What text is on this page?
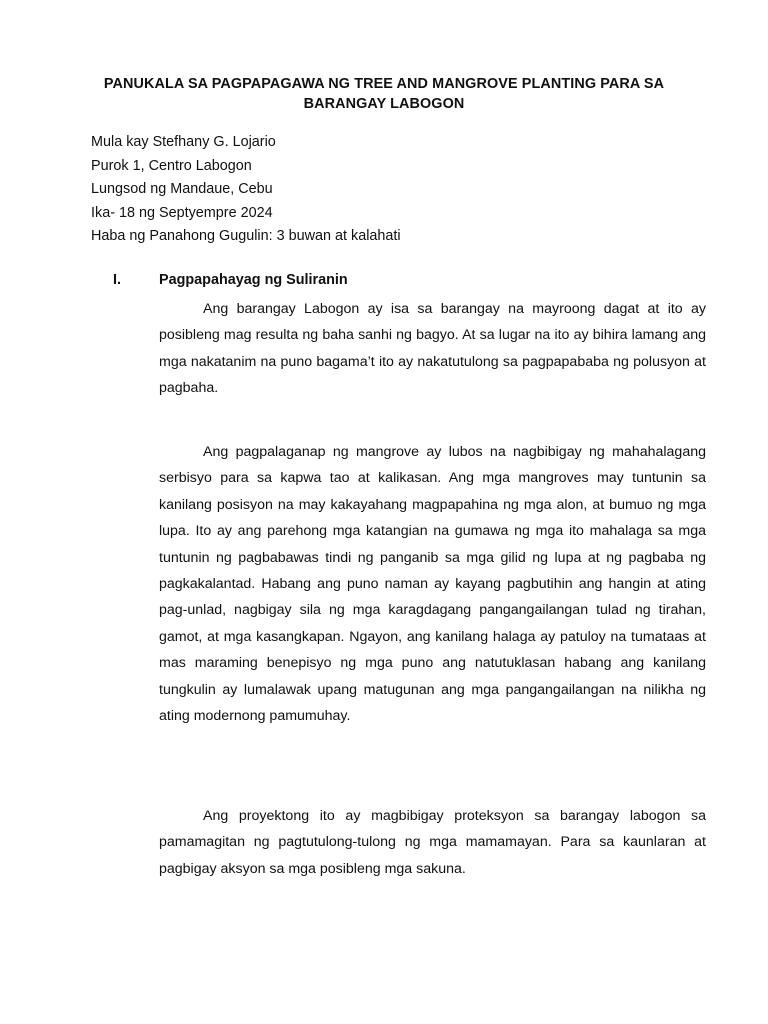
PANUKALA SA PAGPAPAGAWA NG TREE AND MANGROVE PLANTING PARA SA
BARANGAY LABOGON
Mula kay Stefhany G. Lojario
Purok 1, Centro Labogon
Lungsod ng Mandaue, Cebu
Ika- 18 ng Septyempre 2024
Haba ng Panahong Gugulin: 3 buwan at kalahati
I.	Pagpapahayag ng Suliranin

Ang barangay Labogon ay isa sa barangay na mayroong dagat at ito ay posibleng mag resulta ng baha sanhi ng bagyo. At sa lugar na ito ay bihira lamang ang mga nakatanim na puno bagama’t ito ay nakatutulong sa pagpapababa ng polusyon at pagbaha.

Ang pagpalaganap ng mangrove ay lubos na nagbibigay ng mahahalagang serbisyo para sa kapwa tao at kalikasan. Ang mga mangroves may tuntunin sa kanilang posisyon na may kakayahang magpapahina ng mga alon, at bumuo ng mga lupa. Ito ay ang parehong mga katangian na gumawa ng mga ito mahalaga sa mga tuntunin ng pagbabawas tindi ng panganib sa mga gilid ng lupa at ng pagbaba ng pagkakalantad. Habang ang puno naman ay kayang pagbutihin ang hangin at ating pag-unlad, nagbigay sila ng mga karagdagang pangangailangan tulad ng tirahan, gamot, at mga kasangkapan. Ngayon, ang kanilang halaga ay patuloy na tumataas at mas maraming benepisyo ng mga puno ang natutuklasan habang ang kanilang tungkulin ay lumalawak upang matugunan ang mga pangangailangan na nilikha ng ating modernong pamumuhay.

Ang proyektong ito ay magbibigay proteksyon sa barangay labogon sa pamamagitan ng pagtutulong-tulong ng mga mamamayan. Para sa kaunlaran at pagbigay aksyon sa mga posibleng mga sakuna.
